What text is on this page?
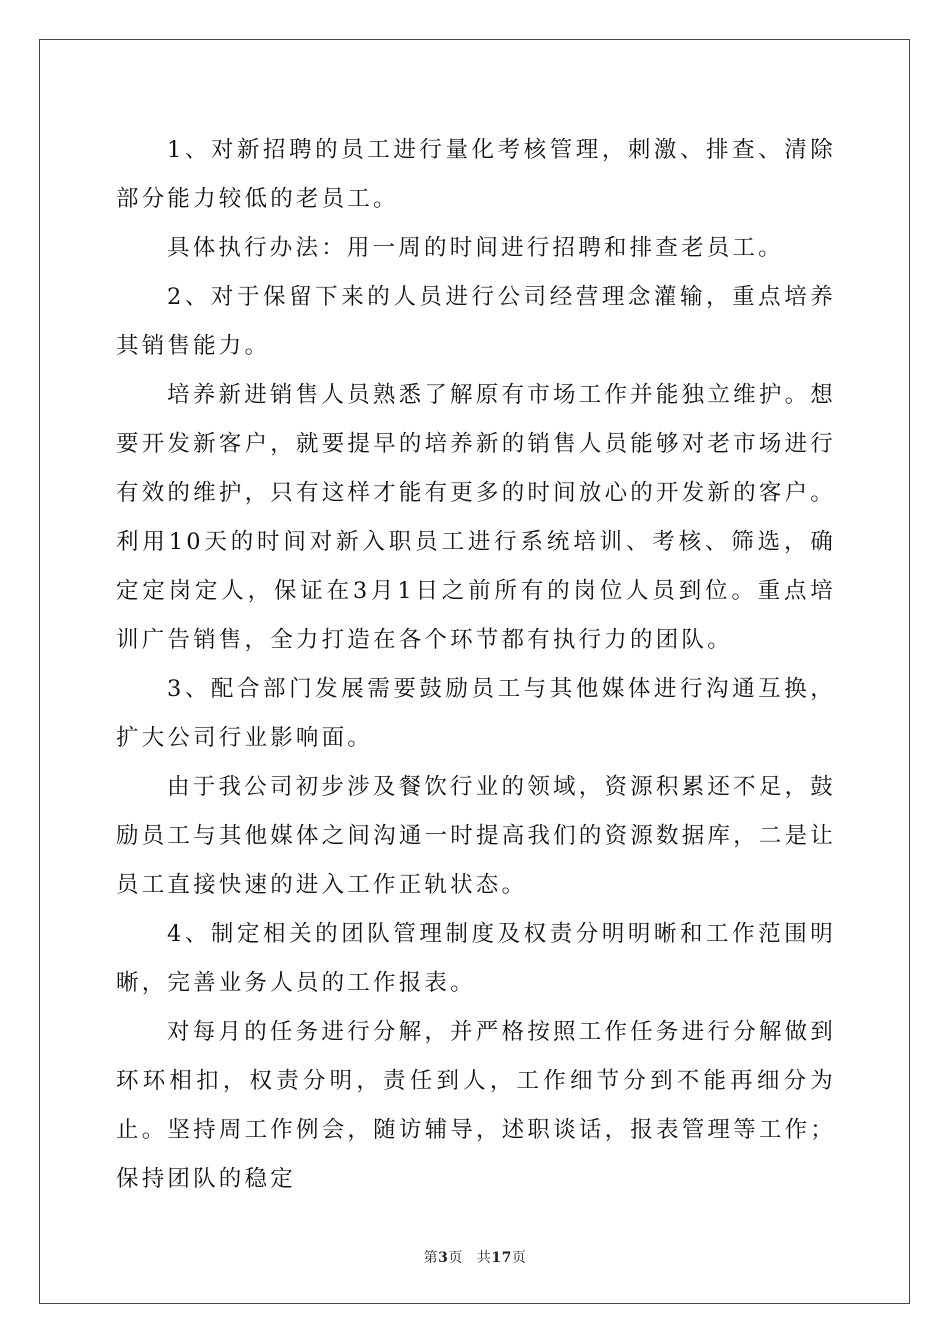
1、对新招聘的员工进行量化考核管理，刺激、排查、清除部分能力较低的老员工。

具体执行办法：用一周的时间进行招聘和排查老员工。

2、对于保留下来的人员进行公司经营理念灌输，重点培养其销售能力。

培养新进销售人员熟悉了解原有市场工作并能独立维护。想要开发新客户，就要提早的培养新的销售人员能够对老市场进行有效的维护，只有这样才能有更多的时间放心的开发新的客户。利用10天的时间对新入职员工进行系统培训、考核、筛选，确定定岗定人，保证在3月1日之前所有的岗位人员到位。重点培训广告销售，全力打造在各个环节都有执行力的团队。

3、配合部门发展需要鼓励员工与其他媒体进行沟通互换，扩大公司行业影响面。

由于我公司初步涉及餐饮行业的领域，资源积累还不足，鼓励员工与其他媒体之间沟通一时提高我们的资源数据库，二是让员工直接快速的进入工作正轨状态。

4、制定相关的团队管理制度及权责分明明晰和工作范围明晰，完善业务人员的工作报表。

对每月的任务进行分解，并严格按照工作任务进行分解做到环环相扣，权责分明，责任到人，工作细节分到不能再细分为止。坚持周工作例会，随访辅导，述职谈话，报表管理等工作；保持团队的稳定

第3页 共17页
